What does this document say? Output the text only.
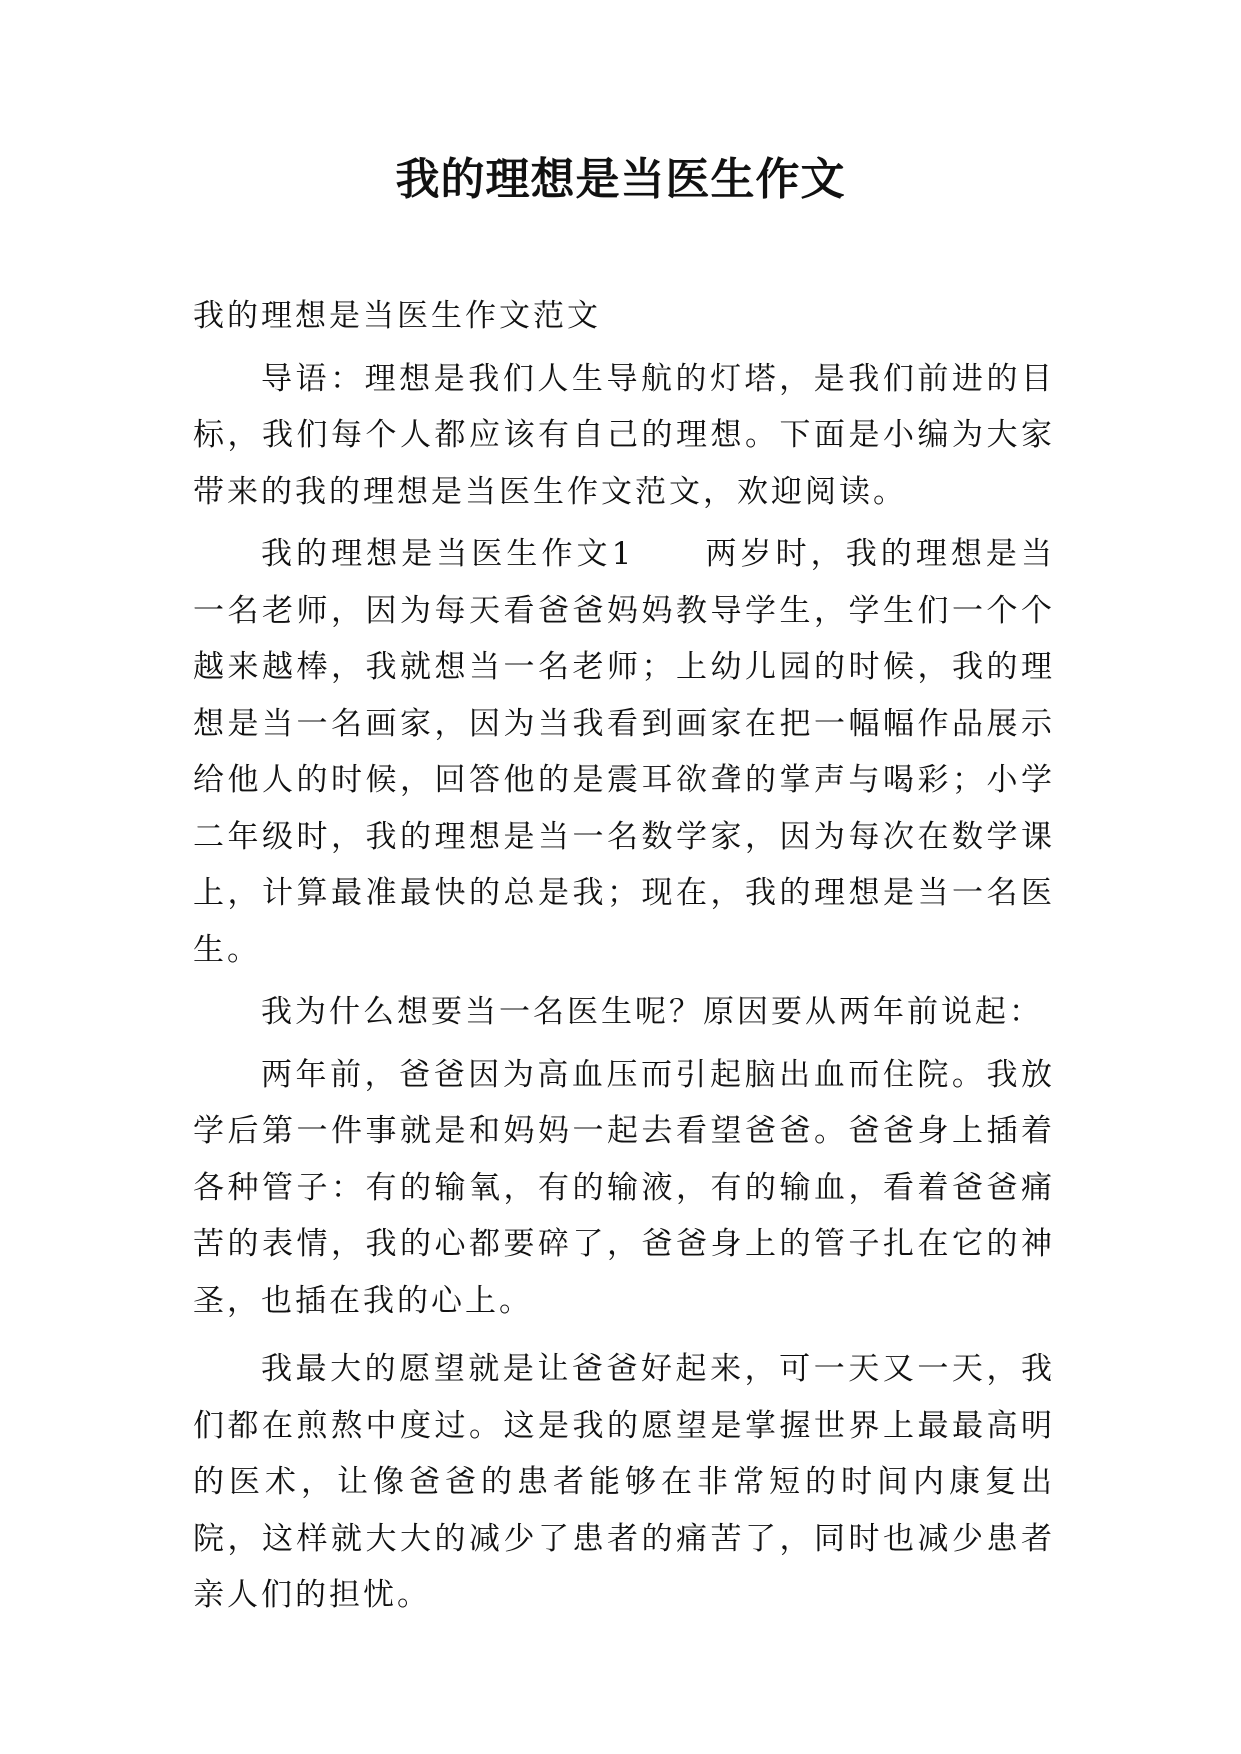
我的理想是当医生作文

我的理想是当医生作文范文

导语：理想是我们人生导航的灯塔，是我们前进的目标，我们每个人都应该有自己的理想。下面是小编为大家带来的我的理想是当医生作文范文，欢迎阅读。

我的理想是当医生作文1　　两岁时，我的理想是当一名老师，因为每天看爸爸妈妈教导学生，学生们一个个越来越棒，我就想当一名老师；上幼儿园的时候，我的理想是当一名画家，因为当我看到画家在把一幅幅作品展示给他人的时候，回答他的是震耳欲聋的掌声与喝彩；小学二年级时，我的理想是当一名数学家，因为每次在数学课上，计算最准最快的总是我；现在，我的理想是当一名医生。

我为什么想要当一名医生呢？原因要从两年前说起：

两年前，爸爸因为高血压而引起脑出血而住院。我放学后第一件事就是和妈妈一起去看望爸爸。爸爸身上插着各种管子：有的输氧，有的输液，有的输血，看着爸爸痛苦的表情，我的心都要碎了，爸爸身上的管子扎在它的神圣，也插在我的心上。

我最大的愿望就是让爸爸好起来，可一天又一天，我们都在煎熬中度过。这是我的愿望是掌握世界上最最高明的医术，让像爸爸的患者能够在非常短的时间内康复出院，这样就大大的减少了患者的痛苦了，同时也减少患者亲人们的担忧。
